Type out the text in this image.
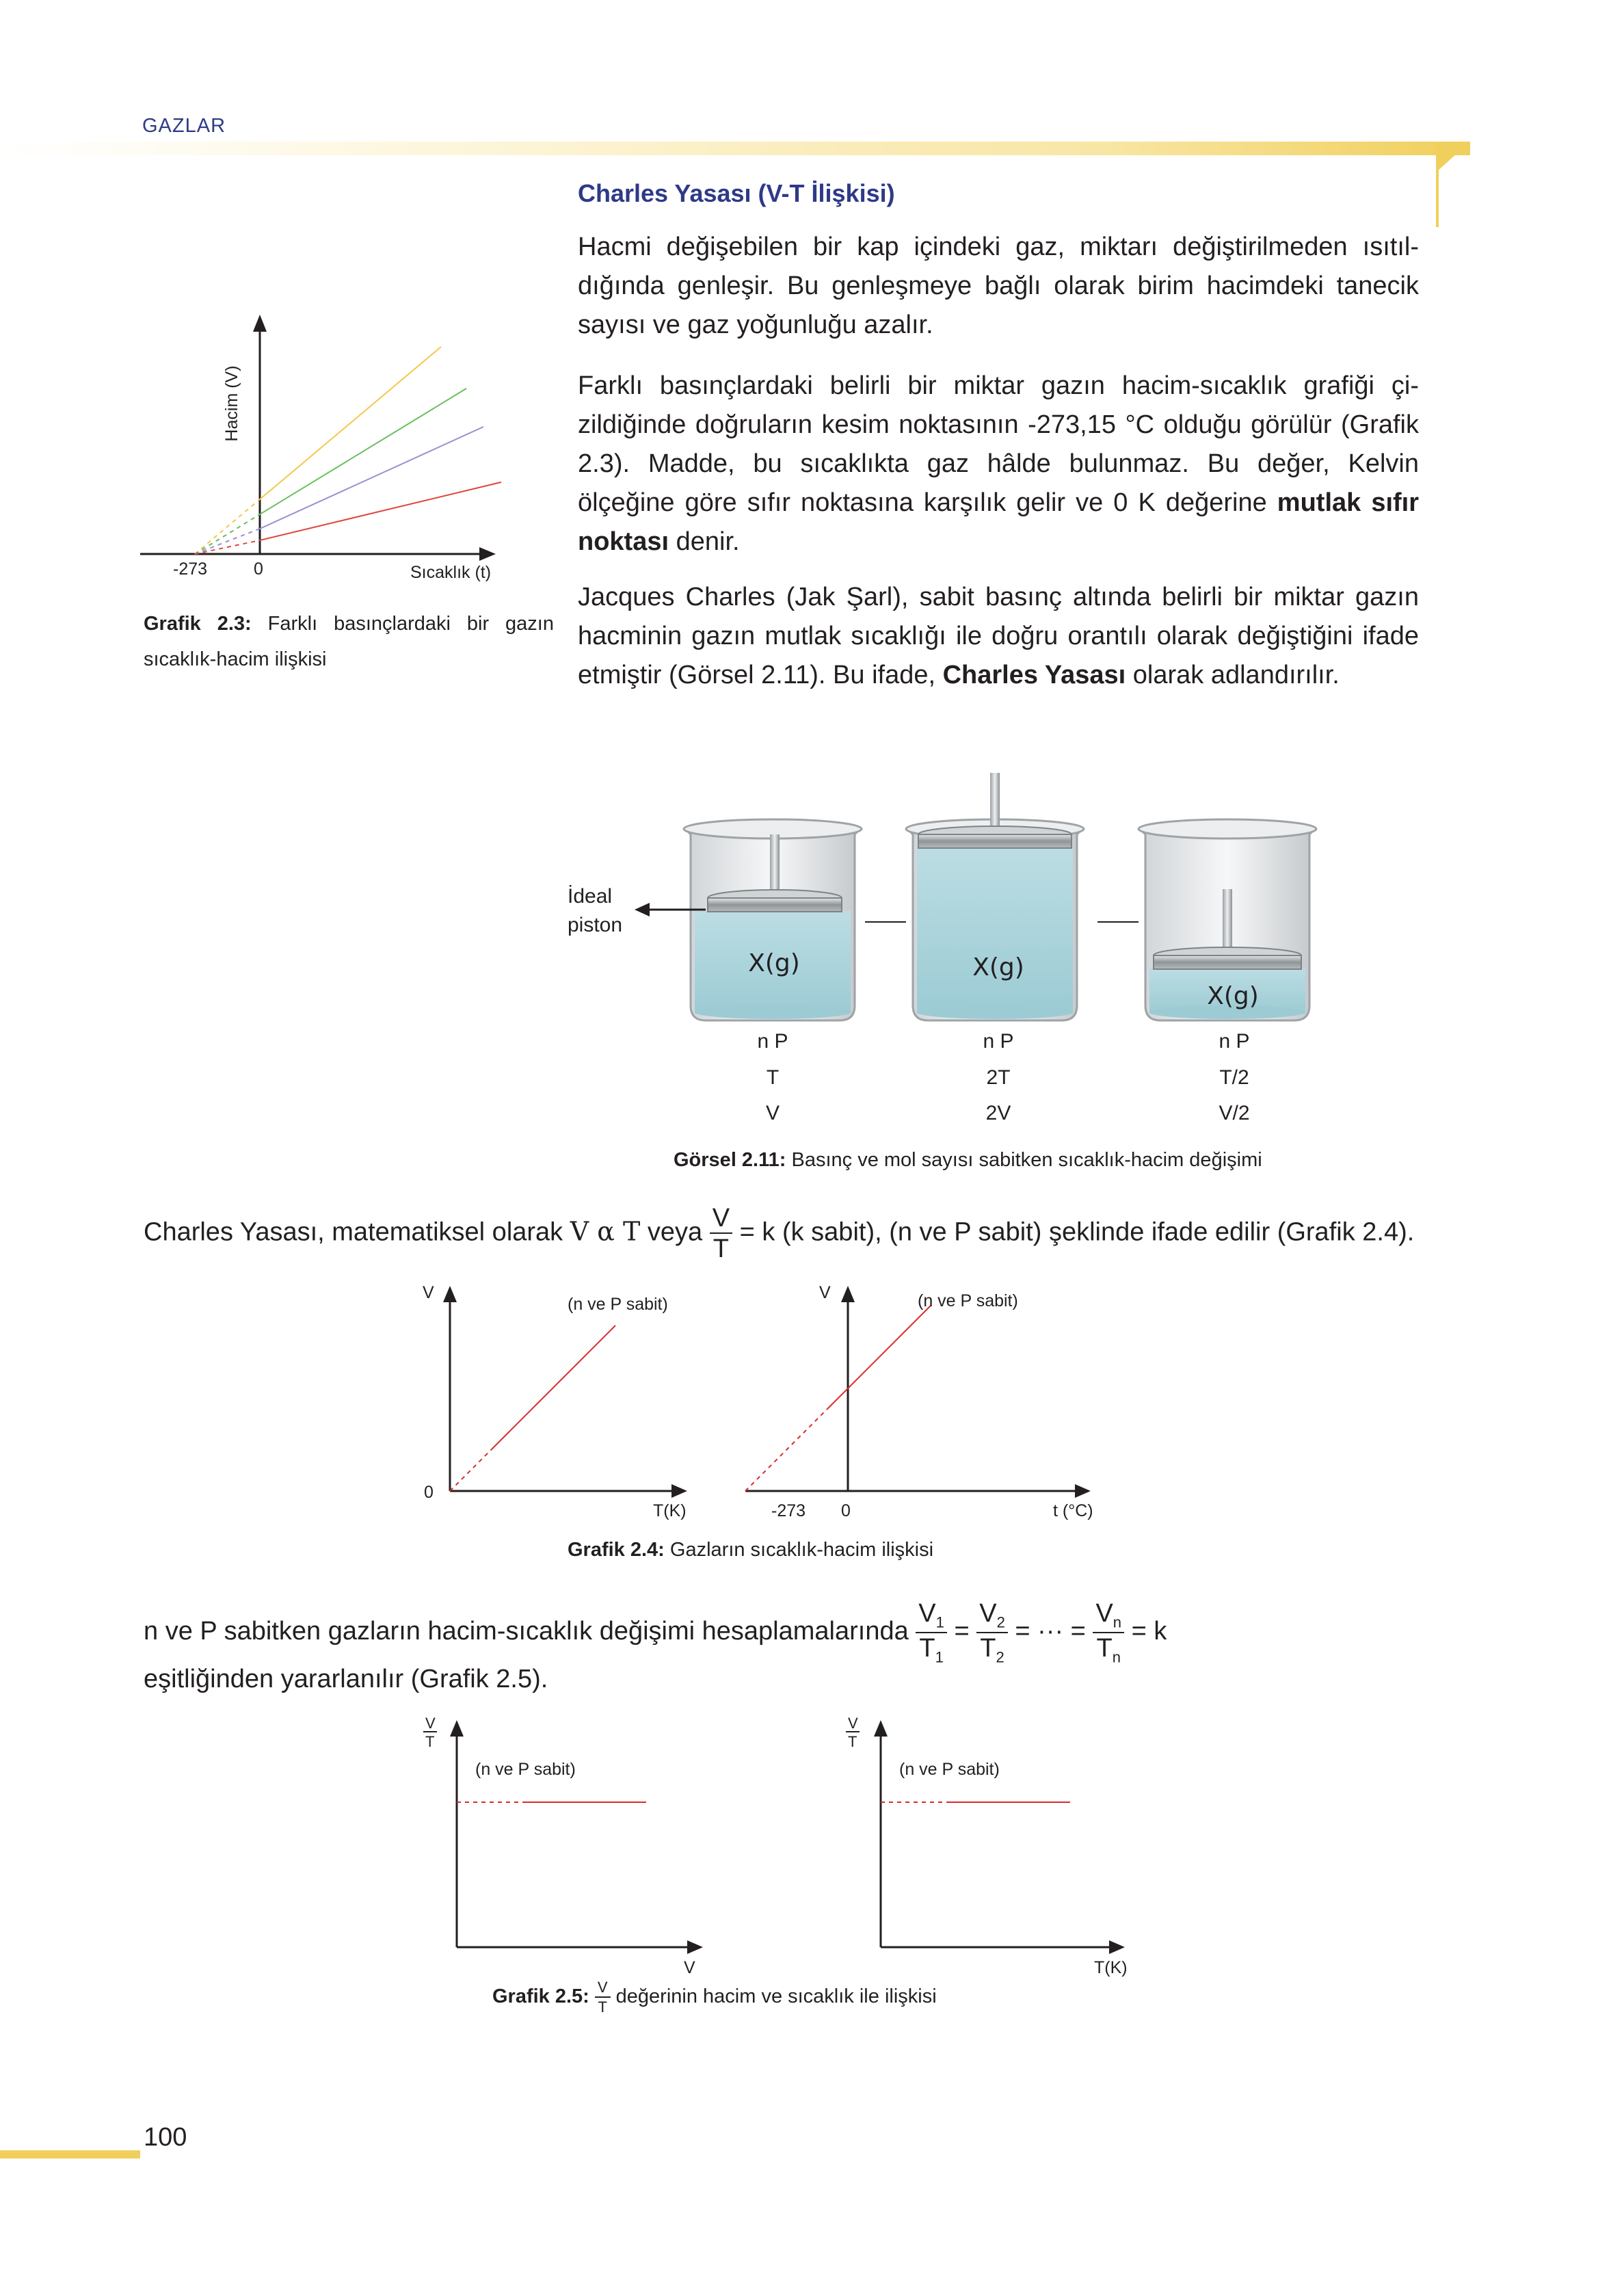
GAZLAR
Charles Yasası (V-T İlişkisi)

Hacmi değişebilen bir kap içindeki gaz, miktarı değiştirilmeden ısıtıldığında genleşir. Bu genleşmeye bağlı olarak birim hacimdeki tanecik sayısı ve gaz yoğunluğu azalır.

Farklı basınçlardaki belirli bir miktar gazın hacim-sıcaklık grafiği çizildiğinde doğruların kesim noktasının -273,15 °C olduğu görülür (Grafik 2.3). Madde, bu sıcaklıkta gaz hâlde bulunmaz. Bu değer, Kelvin ölçeğine göre sıfır noktasına karşılık gelir ve 0 K değerine mutlak sıfır noktası denir.

Jacques Charles (Jak Şarl), sabit basınç altında belirli bir miktar gazın hacminin gazın mutlak sıcaklığı ile doğru orantılı olarak değiştiğini ifade etmiştir (Görsel 2.11). Bu ifade, Charles Yasası olarak adlandırılır.

Hacim (V)
Sıcaklık (t)
-273	0
Grafik 2.3: Farklı basınçlardaki bir gazın sıcaklık-hacim ilişkisi
İdeal
piston
X(g)	X(g)
X(g)
n P
T
V
n P
2T
2V
n P
T/2
V/2
Görsel 2.11: Basınç ve mol sayısı sabitken sıcaklık-hacim değişimi
Charles Yasası, matematiksel olarak V α T veya $\frac{V}{T} = k$ (k sabit), (n ve P sabit) şeklinde ifade edilir (Grafik 2.4).
V
(n ve P sabit)
0
T(K)
V	(n ve P sabit)
-273 0	t (°C)
Grafik 2.4: Gazların sıcaklık-hacim ilişkisi
n ve P sabitken gazların hacim-sıcaklık değişimi hesaplamalarında $\frac{V_1}{T_1} = \frac{V_2}{T_2}$ = ··· = $\frac{V_n}{T_n} = k$
eşitliğinden yararlanılır (Grafik 2.5).
V
T
(n ve P sabit)
V
V
T
(n ve P sabit)
T(K)
Grafik 2.5: $\frac{V}{T}$ değerinin hacim ve sıcaklık ile ilişkisi
100
